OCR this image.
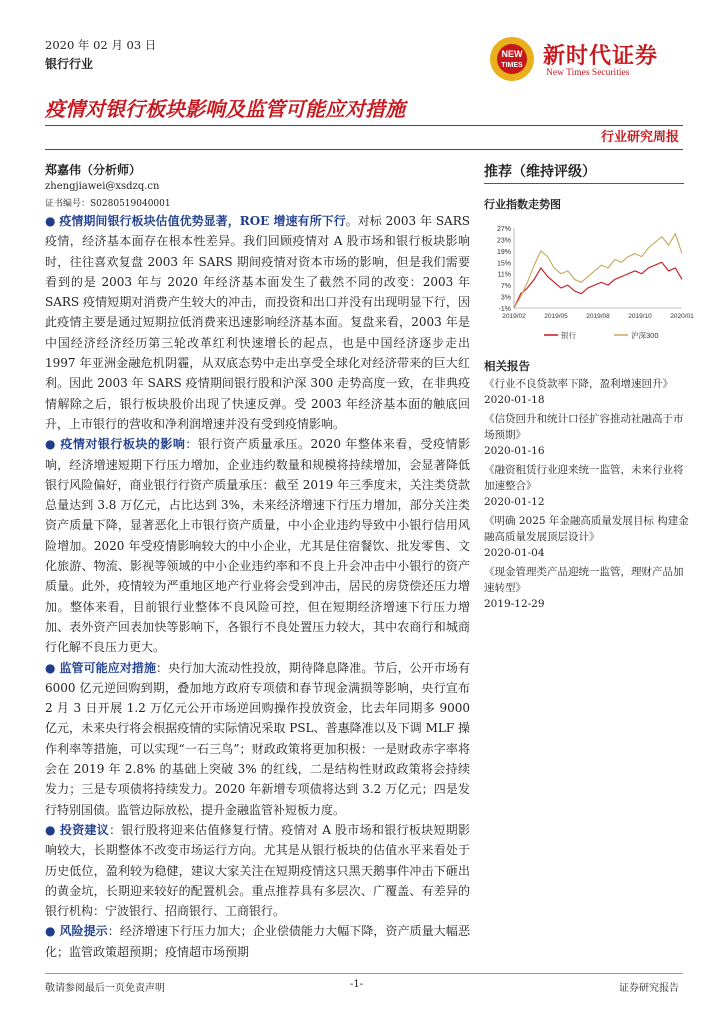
2020 年 02 月 03 日
银行行业
NEW
TIMES 新时代证券
New Times Securities
疫情对银行板块影响及监管可能应对措施
行业研究周报
郑嘉伟（分析师）
zhengjiawei@xsdzq.cn
证书编号：S0280519040001

● 疫情期间银行板块估值优势显著，ROE 增速有所下行。对标 2003 年 SARS 疫情，经济基本面存在根本性差异。我们回顾疫情对 A 股市场和银行板块影响时，往往喜欢复盘 2003 年 SARS 期间疫情对资本市场的影响，但是我们需要看到的是 2003 年与 2020 年经济基本面发生了截然不同的改变：2003 年 SARS 疫情短期对消费产生较大的冲击，而投资和出口并没有出现明显下行，因此疫情主要是通过短期拉低消费来迅速影响经济基本面。复盘来看，2003 年是中国经济经济经历第三轮改革红利快速增长的起点，也是中国经济逐步走出 1997 年亚洲金融危机阴霾，从双底态势中走出享受全球化对经济带来的巨大红利。因此 2003 年 SARS 疫情期间银行股和沪深 300 走势高度一致，在非典疫情解除之后，银行板块股价出现了快速反弹。受 2003 年经济基本面的触底回升，上市银行的营收和净利润增速并没有受到疫情影响。

● 疫情对银行板块的影响：银行资产质量承压。2020 年整体来看，受疫情影响，经济增速短期下行压力增加，企业违约数量和规模将持续增加，会显著降低银行风险偏好，商业银行行资产质量承压：截至 2019 年三季度末，关注类贷款总量达到 3.8 万亿元，占比达到 3%，未来经济增速下行压力增加，部分关注类资产质量下降，显著恶化上市银行资产质量，中小企业违约导致中小银行信用风险增加。2020 年受疫情影响较大的中小企业，尤其是住宿餐饮、批发零售、文化旅游、物流、影视等领域的中小企业违约率和不良上升会冲击中小银行的资产质量。此外，疫情较为严重地区地产行业将会受到冲击，居民的房贷偿还压力增加。整体来看，目前银行业整体不良风险可控，但在短期经济增速下行压力增加、表外资产回表加快等影响下，各银行不良处置压力较大，其中农商行和城商行化解不良压力更大。

● 监管可能应对措施：央行加大流动性投放，期待降息降准。节后，公开市场有 6000 亿元逆回购到期，叠加地方政府专项债和春节现金满损等影响，央行宣布 2 月 3 日开展 1.2 万亿元公开市场逆回购操作投放资金，比去年同期多 9000 亿元，未来央行将会根据疫情的实际情况采取 PSL、普惠降准以及下调 MLF 操作利率等措施，可以实现“一石三鸟”；财政政策将更加积极：一是财政赤字率将会在 2019 年 2.8% 的基础上突破 3% 的红线，二是结构性财政政策将会持续发力；三是专项债将持续发力。2020 年新增专项债将达到 3.2 万亿元；四是发行特别国债。监管边际放松，提升金融监管补短板力度。

● 投资建议：银行股将迎来估值修复行情。疫情对 A 股市场和银行板块短期影响较大，长期整体不改变市场运行方向。尤其是从银行板块的估值水平来看处于历史低位，盈利较为稳健，建议大家关注在短期疫情这只黑天鹅事件冲击下砸出的黄金坑，长期迎来较好的配置机会。重点推荐具有多层次、广覆盖、有差异的银行机构：宁波银行、招商银行、工商银行。

● 风险提示：经济增速下行压力加大；企业偿债能力大幅下降，资产质量大幅恶化；监管政策超预期；疫情超市场预期

推荐（维持评级）
行业指数走势图
27%
23%
19%
15%
11%
7%
3%
-1%
2019/02	2019/05	2019/08	2019/10	2020/01
银行	沪深300
相关报告
《行业不良贷款率下降，盈利增速回升》
2020-01-18
《信贷回升和统计口径扩容推动社融高于市场预期》
2020-01-16
《融资租赁行业迎来统一监管，未来行业将加速整合》
2020-01-12
《明确 2025 年金融高质量发展目标 构建金融高质量发展顶层设计》
2020-01-04
《现金管理类产品迎统一监管，理财产品加速转型》
2019-12-29
敬请参阅最后一页免责声明	-1-	证券研究报告
